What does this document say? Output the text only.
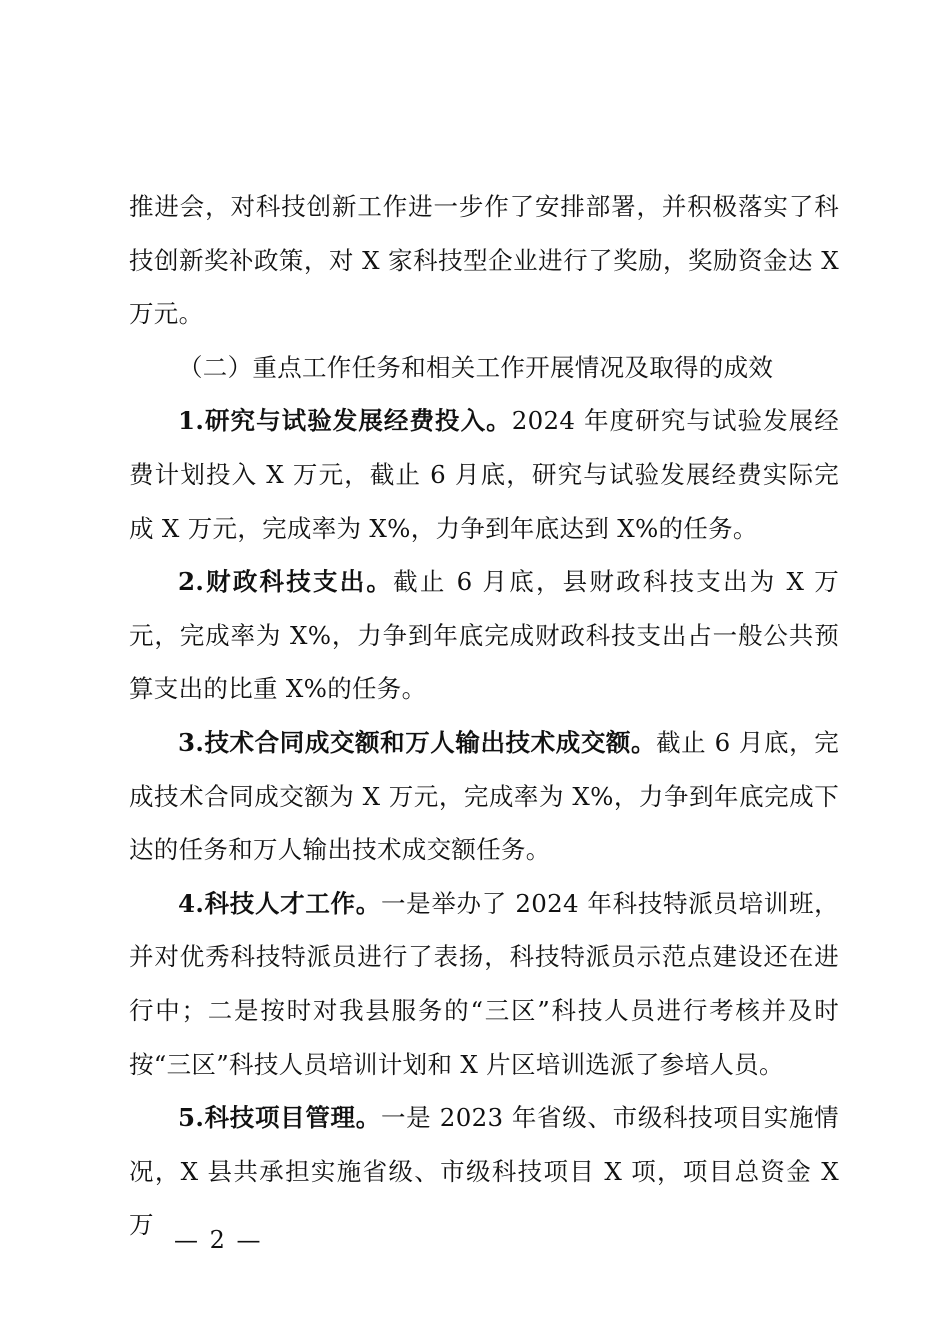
推进会，对科技创新工作进一步作了安排部署，并积极落实了科技创新奖补政策，对 X 家科技型企业进行了奖励，奖励资金达 X 万元。

（二）重点工作任务和相关工作开展情况及取得的成效

1.研究与试验发展经费投入。2024 年度研究与试验发展经费计划投入 X 万元，截止 6 月底，研究与试验发展经费实际完成 X 万元，完成率为 X%，力争到年底达到 X%的任务。

2.财政科技支出。截止 6 月底，县财政科技支出为 X 万元，完成率为 X%，力争到年底完成财政科技支出占一般公共预算支出的比重 X%的任务。

3.技术合同成交额和万人输出技术成交额。截止 6 月底，完成技术合同成交额为 X 万元，完成率为 X%，力争到年底完成下达的任务和万人输出技术成交额任务。

4.科技人才工作。一是举办了 2024 年科技特派员培训班，并对优秀科技特派员进行了表扬，科技特派员示范点建设还在进行中；二是按时对我县服务的“三区”科技人员进行考核并及时按“三区”科技人员培训计划和 X 片区培训选派了参培人员。

5.科技项目管理。一是 2023 年省级、市级科技项目实施情况，X 县共承担实施省级、市级科技项目 X 项，项目总资金 X 万

— 2 —
